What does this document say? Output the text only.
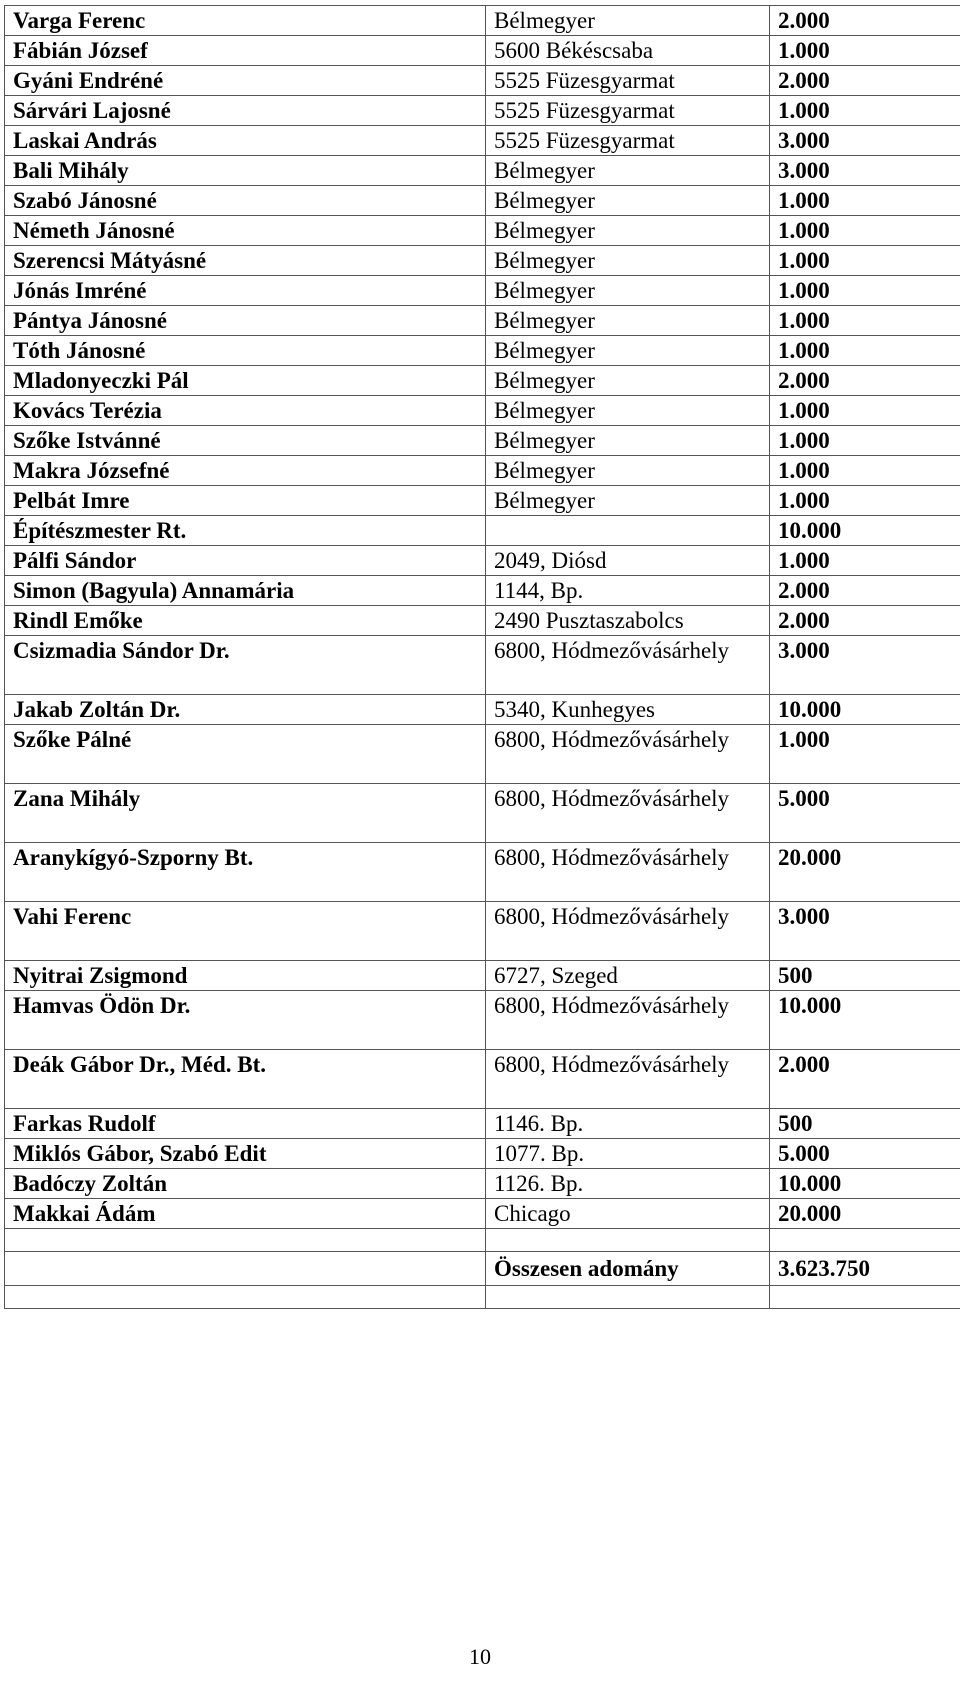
Varga Ferenc	Bélmegyer	2.000
Fábián József	5600 Békéscsaba	1.000
Gyáni Endréné	5525 Füzesgyarmat	2.000
Sárvári Lajosné	5525 Füzesgyarmat	1.000
Laskai András	5525 Füzesgyarmat	3.000
Bali Mihály	Bélmegyer	3.000
Szabó Jánosné	Bélmegyer	1.000
Németh Jánosné	Bélmegyer	1.000
Szerencsi Mátyásné	Bélmegyer	1.000
Jónás Imréné	Bélmegyer	1.000
Pántya Jánosné	Bélmegyer	1.000
Tóth Jánosné	Bélmegyer	1.000
Mladonyeczki Pál	Bélmegyer	2.000
Kovács Terézia	Bélmegyer	1.000
Szőke Istvánné	Bélmegyer	1.000
Makra Józsefné	Bélmegyer	1.000
Pelbát Imre	Bélmegyer	1.000
Építészmester Rt.		10.000
Pálfi Sándor	2049, Diósd	1.000
Simon (Bagyula) Annamária	1144, Bp.	2.000
Rindl Emőke	2490 Pusztaszabolcs	2.000
Csizmadia Sándor Dr.	6800, Hódmezővásárhely	3.000
Jakab Zoltán Dr.	5340, Kunhegyes	10.000
Szőke Pálné	6800, Hódmezővásárhely	1.000
Zana Mihály	6800, Hódmezővásárhely	5.000
Aranykígyó-Szporny Bt.	6800, Hódmezővásárhely	20.000
Vahi Ferenc	6800, Hódmezővásárhely	3.000
Nyitrai Zsigmond	6727, Szeged	500
Hamvas Ödön Dr.	6800, Hódmezővásárhely	10.000
Deák Gábor Dr., Méd. Bt.	6800, Hódmezővásárhely	2.000
Farkas Rudolf	1146. Bp.	500
Miklós Gábor, Szabó Edit	1077. Bp.	5.000
Badóczy Zoltán	1126. Bp.	10.000
Makkai Ádám	Chicago	20.000

	Összesen adomány	3.623.750

10
